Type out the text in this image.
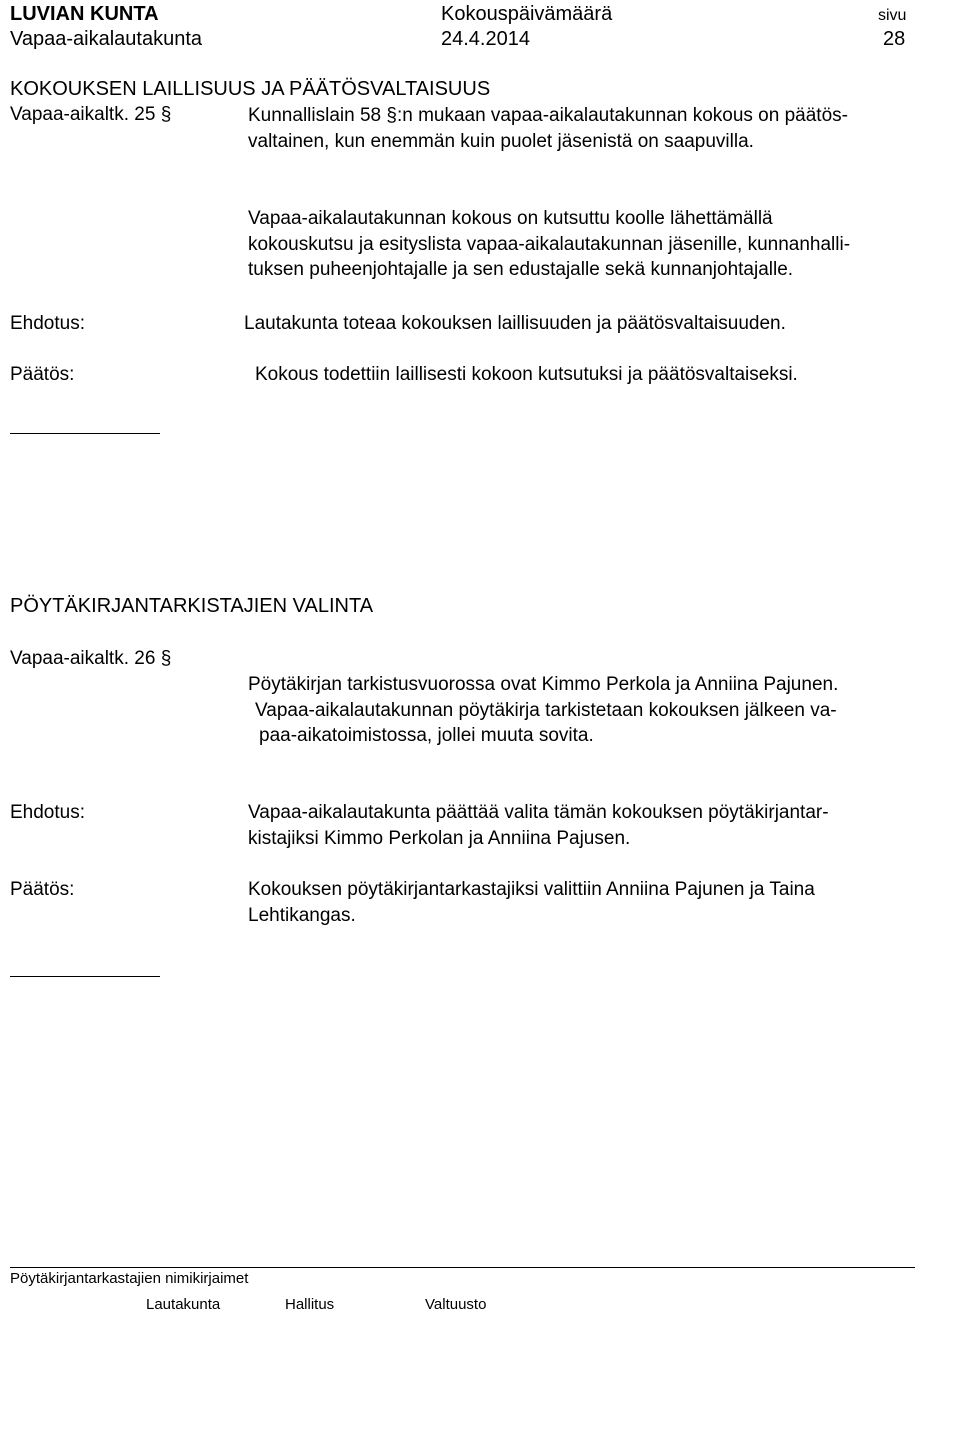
LUVIAN KUNTA
Vapaa-aikalautakunta
Kokouspäivämäärä
24.4.2014
sivu
28
KOKOUKSEN LAILLISUUS JA PÄÄTÖSVALTAISUUS
Vapaa-aikaltk. 25 §	Kunnallislain 58 §:n mukaan vapaa-aikalautakunnan kokous on päätös-
valtainen, kun enemmän kuin puolet jäsenistä on saapuvilla.
Vapaa-aikalautakunnan kokous on kutsuttu koolle lähettämällä
kokouskutsu ja esityslista vapaa-aikalautakunnan jäsenille, kunnanhalli-
tuksen puheenjohtajalle ja sen edustajalle sekä kunnanjohtajalle.
Ehdotus:	Lautakunta toteaa kokouksen laillisuuden ja päätösvaltaisuuden.
Päätös:	Kokous todettiin laillisesti kokoon kutsutuksi ja päätösvaltaiseksi.
PÖYTÄKIRJANTARKISTAJIEN VALINTA
Vapaa-aikaltk. 26 §
Pöytäkirjan tarkistusvuorossa ovat Kimmo Perkola ja Anniina Pajunen.
Vapaa-aikalautakunnan pöytäkirja tarkistetaan kokouksen jälkeen va-
paa-aikatoimistossa, jollei muuta sovita.
Ehdotus:	Vapaa-aikalautakunta päättää valita tämän kokouksen pöytäkirjantar-
kistajiksi Kimmo Perkolan ja Anniina Pajusen.
Päätös:	Kokouksen pöytäkirjantarkastajiksi valittiin Anniina Pajunen ja Taina
Lehtikangas.
Pöytäkirjantarkastajien nimikirjaimet
Lautakunta	Hallitus	Valtuusto
